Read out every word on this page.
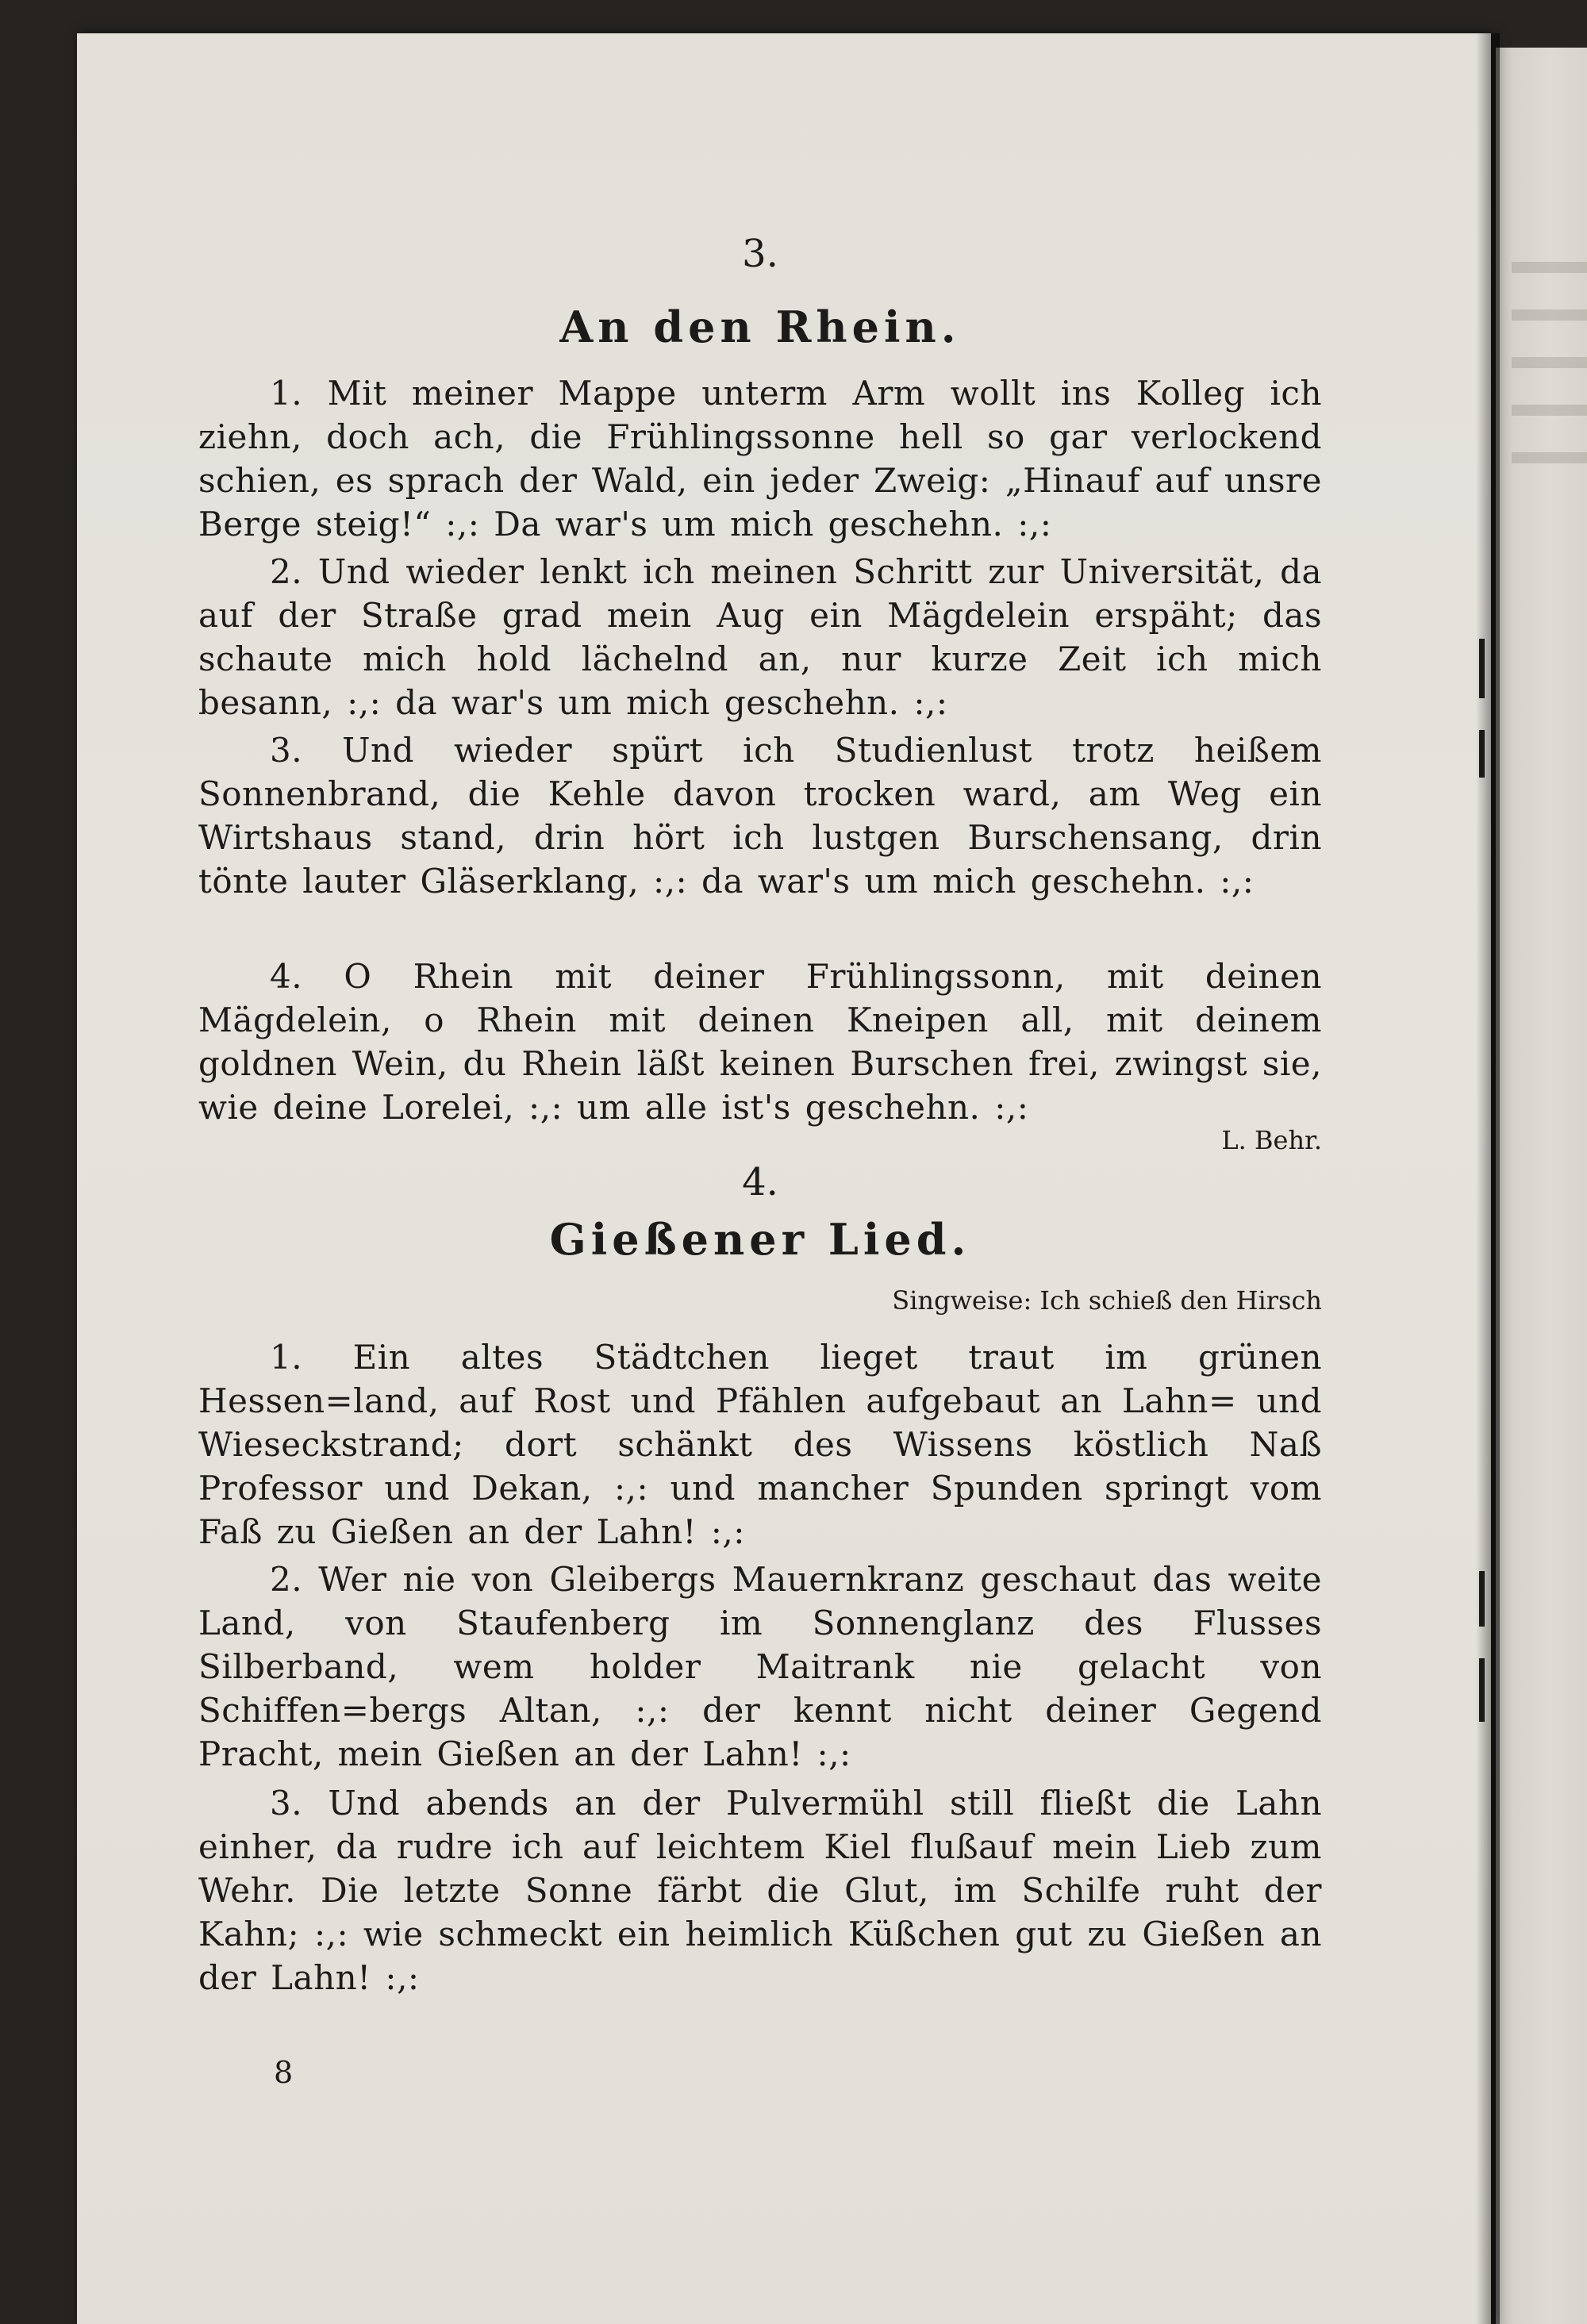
3.

An den Rhein.

1. Mit meiner Mappe unterm Arm wollt ins Kolleg ich ziehn, doch ach, die Frühlingssonne hell so gar verlockend schien, es sprach der Wald, ein jeder Zweig: „Hinauf auf unsre Berge steig!“ :,: Da war's um mich geschehn. :,:

2. Und wieder lenkt ich meinen Schritt zur Universität, da auf der Straße grad mein Aug ein Mägdelein erspäht; das schaute mich hold lächelnd an, nur kurze Zeit ich mich besann, :,: da war's um mich geschehn. :,:

3. Und wieder spürt ich Studienlust trotz heißem Sonnenbrand, die Kehle davon trocken ward, am Weg ein Wirtshaus stand, drin hört ich lustgen Burschensang, drin tönte lauter Gläserklang, :,: da war's um mich geschehn. :,:

4. O Rhein mit deiner Frühlingssonn, mit deinen Mägdelein, o Rhein mit deinen Kneipen all, mit deinem goldnen Wein, du Rhein läßt keinen Burschen frei, zwingst sie, wie deine Lorelei, :,: um alle ist's geschehn. :,:

L. Behr.

4.

Gießener Lied.

Singweise: Ich schieß den Hirsch

1. Ein altes Städtchen lieget traut im grünen Hessen=land, auf Rost und Pfählen aufgebaut an Lahn= und Wieseckstrand; dort schänkt des Wissens köstlich Naß Professor und Dekan, :,: und mancher Spunden springt vom Faß zu Gießen an der Lahn! :,:

2. Wer nie von Gleibergs Mauernkranz geschaut das weite Land, von Staufenberg im Sonnenglanz des Flusses Silberband, wem holder Maitrank nie gelacht von Schiffen=bergs Altan, :,: der kennt nicht deiner Gegend Pracht, mein Gießen an der Lahn! :,:

3. Und abends an der Pulvermühl still fließt die Lahn einher, da rudre ich auf leichtem Kiel flußauf mein Lieb zum Wehr. Die letzte Sonne färbt die Glut, im Schilfe ruht der Kahn; :,: wie schmeckt ein heimlich Küßchen gut zu Gießen an der Lahn! :,:

8
